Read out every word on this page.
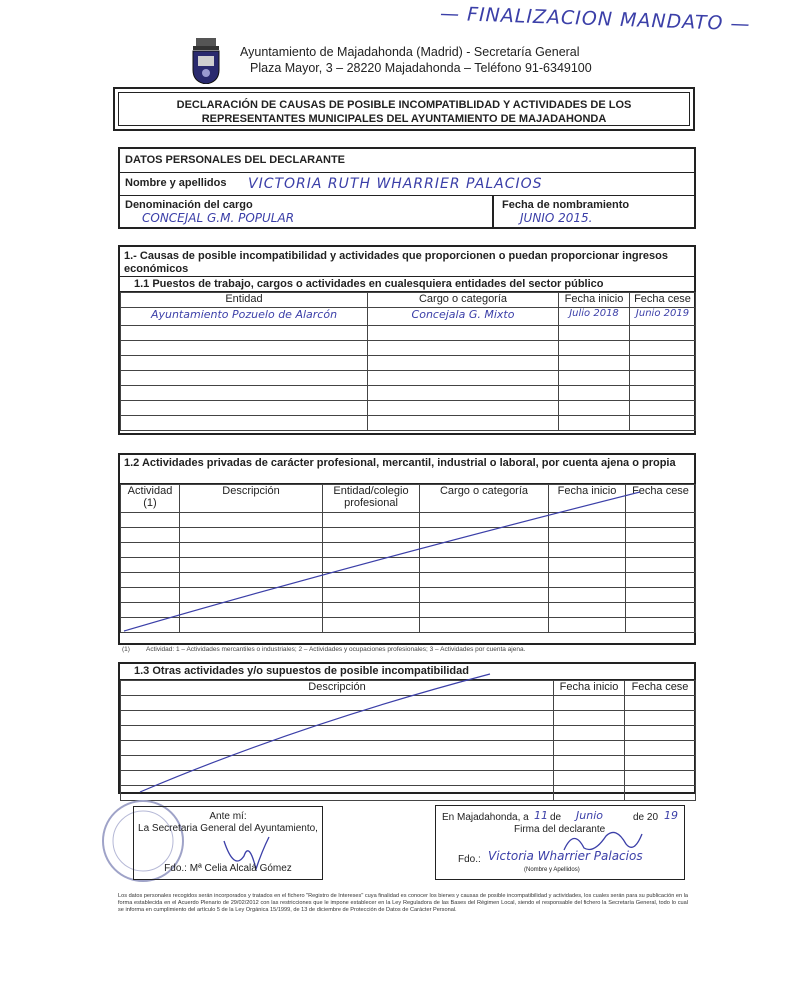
— FINALIZACION MANDATO —
Ayuntamiento de Majadahonda (Madrid) - Secretaría General
Plaza Mayor, 3 – 28220 Majadahonda – Teléfono 91-6349100
DECLARACIÓN DE CAUSAS DE POSIBLE INCOMPATIBLIDAD Y ACTIVIDADES DE LOS
REPRESENTANTES MUNICIPALES DEL AYUNTAMIENTO DE MAJADAHONDA
DATOS PERSONALES DEL DECLARANTE
Nombre y apellidos VICTORIA RUTH WHARRIER PALACIOS
Denominación del cargo
CONCEJAL G.M. POPULAR
Fecha de nombramiento
JUNIO 2015.
1.- Causas de posible incompatibilidad y actividades que proporcionen o puedan proporcionar ingresos económicos
1.1 Puestos de trabajo, cargos o actividades en cualesquiera entidades del sector público
Entidad	Cargo o categoría	Fecha inicio	Fecha cese
Ayuntamiento Pozuelo de Alarcón	Concejala G. Mixto	Julio 2018	Junio 2019

1.2 Actividades privadas de carácter profesional, mercantil, industrial o laboral, por cuenta ajena o propia
Actividad (1)	Descripción	Entidad/colegio profesional	Cargo o categoría	Fecha inicio	Fecha cese

(1) Actividad: 1 – Actividades mercantiles o industriales; 2 – Actividades y ocupaciones profesionales; 3 – Actividades por cuenta ajena.
1.3 Otras actividades y/o supuestos de posible incompatibilidad
Descripción	Fecha inicio	Fecha cese

Ante mí:
La Secretaria General del Ayuntamiento,
Fdo.: Mª Celia Alcalá Gómez
En Majadahonda, a 11 de Junio	de 20 19
Firma del declarante
Fdo.: Victoria Wharrier Palacios
(Nombre y Apellidos)
Los datos personales recogidos serán incorporados y tratados en el fichero "Registro de Intereses" cuya finalidad es conocer los bienes y causas de posible incompatibilidad y actividades, los cuales serán para su publicación en la forma establecida en el Acuerdo Plenario de 29/02/2012 con las restricciones que le impone establecer en la Ley Reguladora de las Bases del Régimen Local, siendo el responsable del fichero la Secretaría General, todo lo cual se informa en cumplimiento del artículo 5 de la Ley Orgánica 15/1999, de 13 de diciembre de Protección de Datos de Carácter Personal.
